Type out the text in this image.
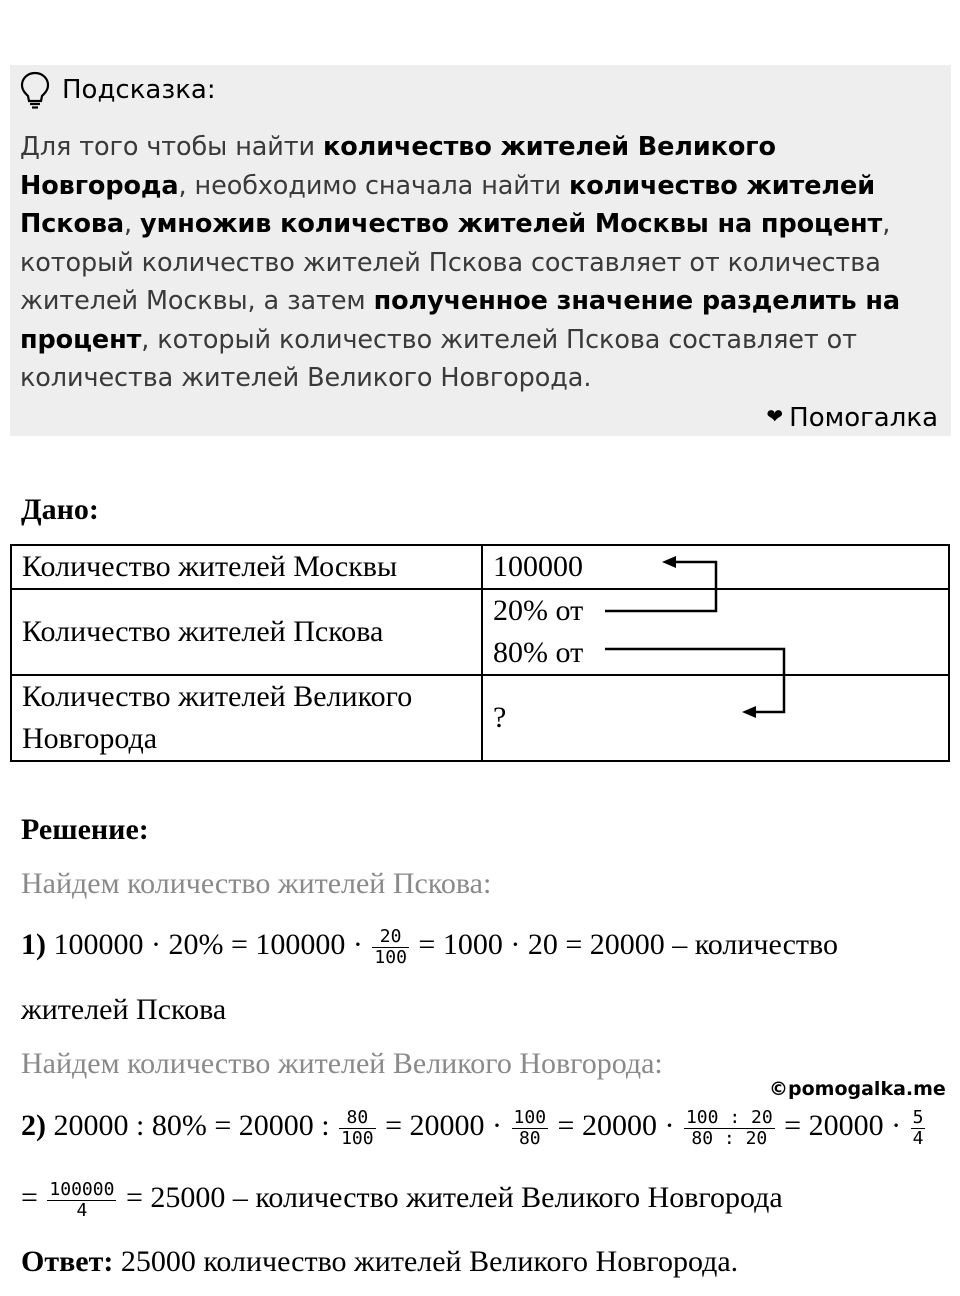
Подсказка:
Для того чтобы найти количество жителей Великого Новгорода, необходимо сначала найти количество жителей Пскова, умножив количество жителей Москвы на процент, который количество жителей Пскова составляет от количества жителей Москвы, а затем полученное значение разделить на процент, который количество жителей Пскова составляет от количества жителей Великого Новгорода.
❤ Помогалка
Дано:
Количество жителей Москвы	100000
Количество жителей Пскова	20% от
80% от

Количество жителей Великого Новгорода	?
Решение:
Найдем количество жителей Пскова:
1) $100000 \cdot 20\% = 100000 \cdot \frac{20}{100} = 1000 \cdot 20 = 20000$ – количество
жителей Пскова
Найдем количество жителей Великого Новгорода:
©pomogalka.me
2) 20000 : 80% = 20000 : $\frac{80}{100} = 20000 \cdot \frac{100}{80} = 20000 \cdot \frac{100 : 20}{80 : 20} = 20000 \cdot \frac{5}{4}$
= $\frac{100000}{4} = 25000$ – количество жителей Великого Новгорода
Ответ: 25000 количество жителей Великого Новгорода.
